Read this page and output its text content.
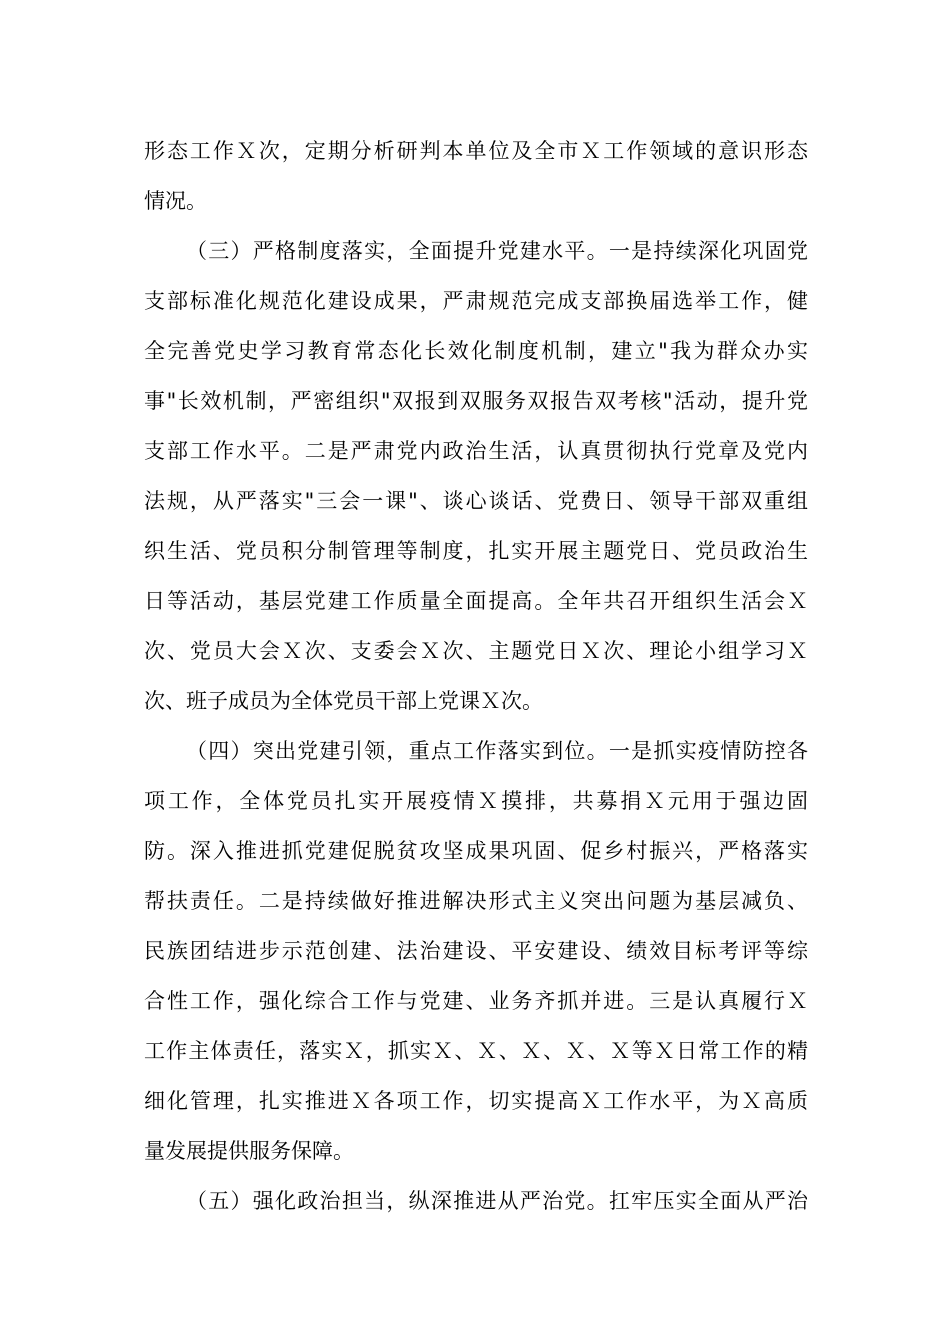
形态工作Ｘ次，定期分析研判本单位及全市Ｘ工作领域的意识形态
情况。

（三）严格制度落实，全面提升党建水平。一是持续深化巩固党
支部标准化规范化建设成果，严肃规范完成支部换届选举工作，健
全完善党史学习教育常态化长效化制度机制，建立"我为群众办实
事"长效机制，严密组织"双报到双服务双报告双考核"活动，提升党
支部工作水平。二是严肃党内政治生活，认真贯彻执行党章及党内
法规，从严落实"三会一课"、谈心谈话、党费日、领导干部双重组
织生活、党员积分制管理等制度，扎实开展主题党日、党员政治生
日等活动，基层党建工作质量全面提高。全年共召开组织生活会Ｘ
次、党员大会Ｘ次、支委会Ｘ次、主题党日Ｘ次、理论小组学习Ｘ
次、班子成员为全体党员干部上党课Ｘ次。

（四）突出党建引领，重点工作落实到位。一是抓实疫情防控各
项工作，全体党员扎实开展疫情Ｘ摸排，共募捐Ｘ元用于强边固
防。深入推进抓党建促脱贫攻坚成果巩固、促乡村振兴，严格落实
帮扶责任。二是持续做好推进解决形式主义突出问题为基层减负、
民族团结进步示范创建、法治建设、平安建设、绩效目标考评等综
合性工作，强化综合工作与党建、业务齐抓并进。三是认真履行Ｘ
工作主体责任，落实Ｘ，抓实Ｘ、Ｘ、Ｘ、Ｘ、Ｘ等Ｘ日常工作的精
细化管理，扎实推进Ｘ各项工作，切实提高Ｘ工作水平，为Ｘ高质
量发展提供服务保障。

（五）强化政治担当，纵深推进从严治党。扛牢压实全面从严治
